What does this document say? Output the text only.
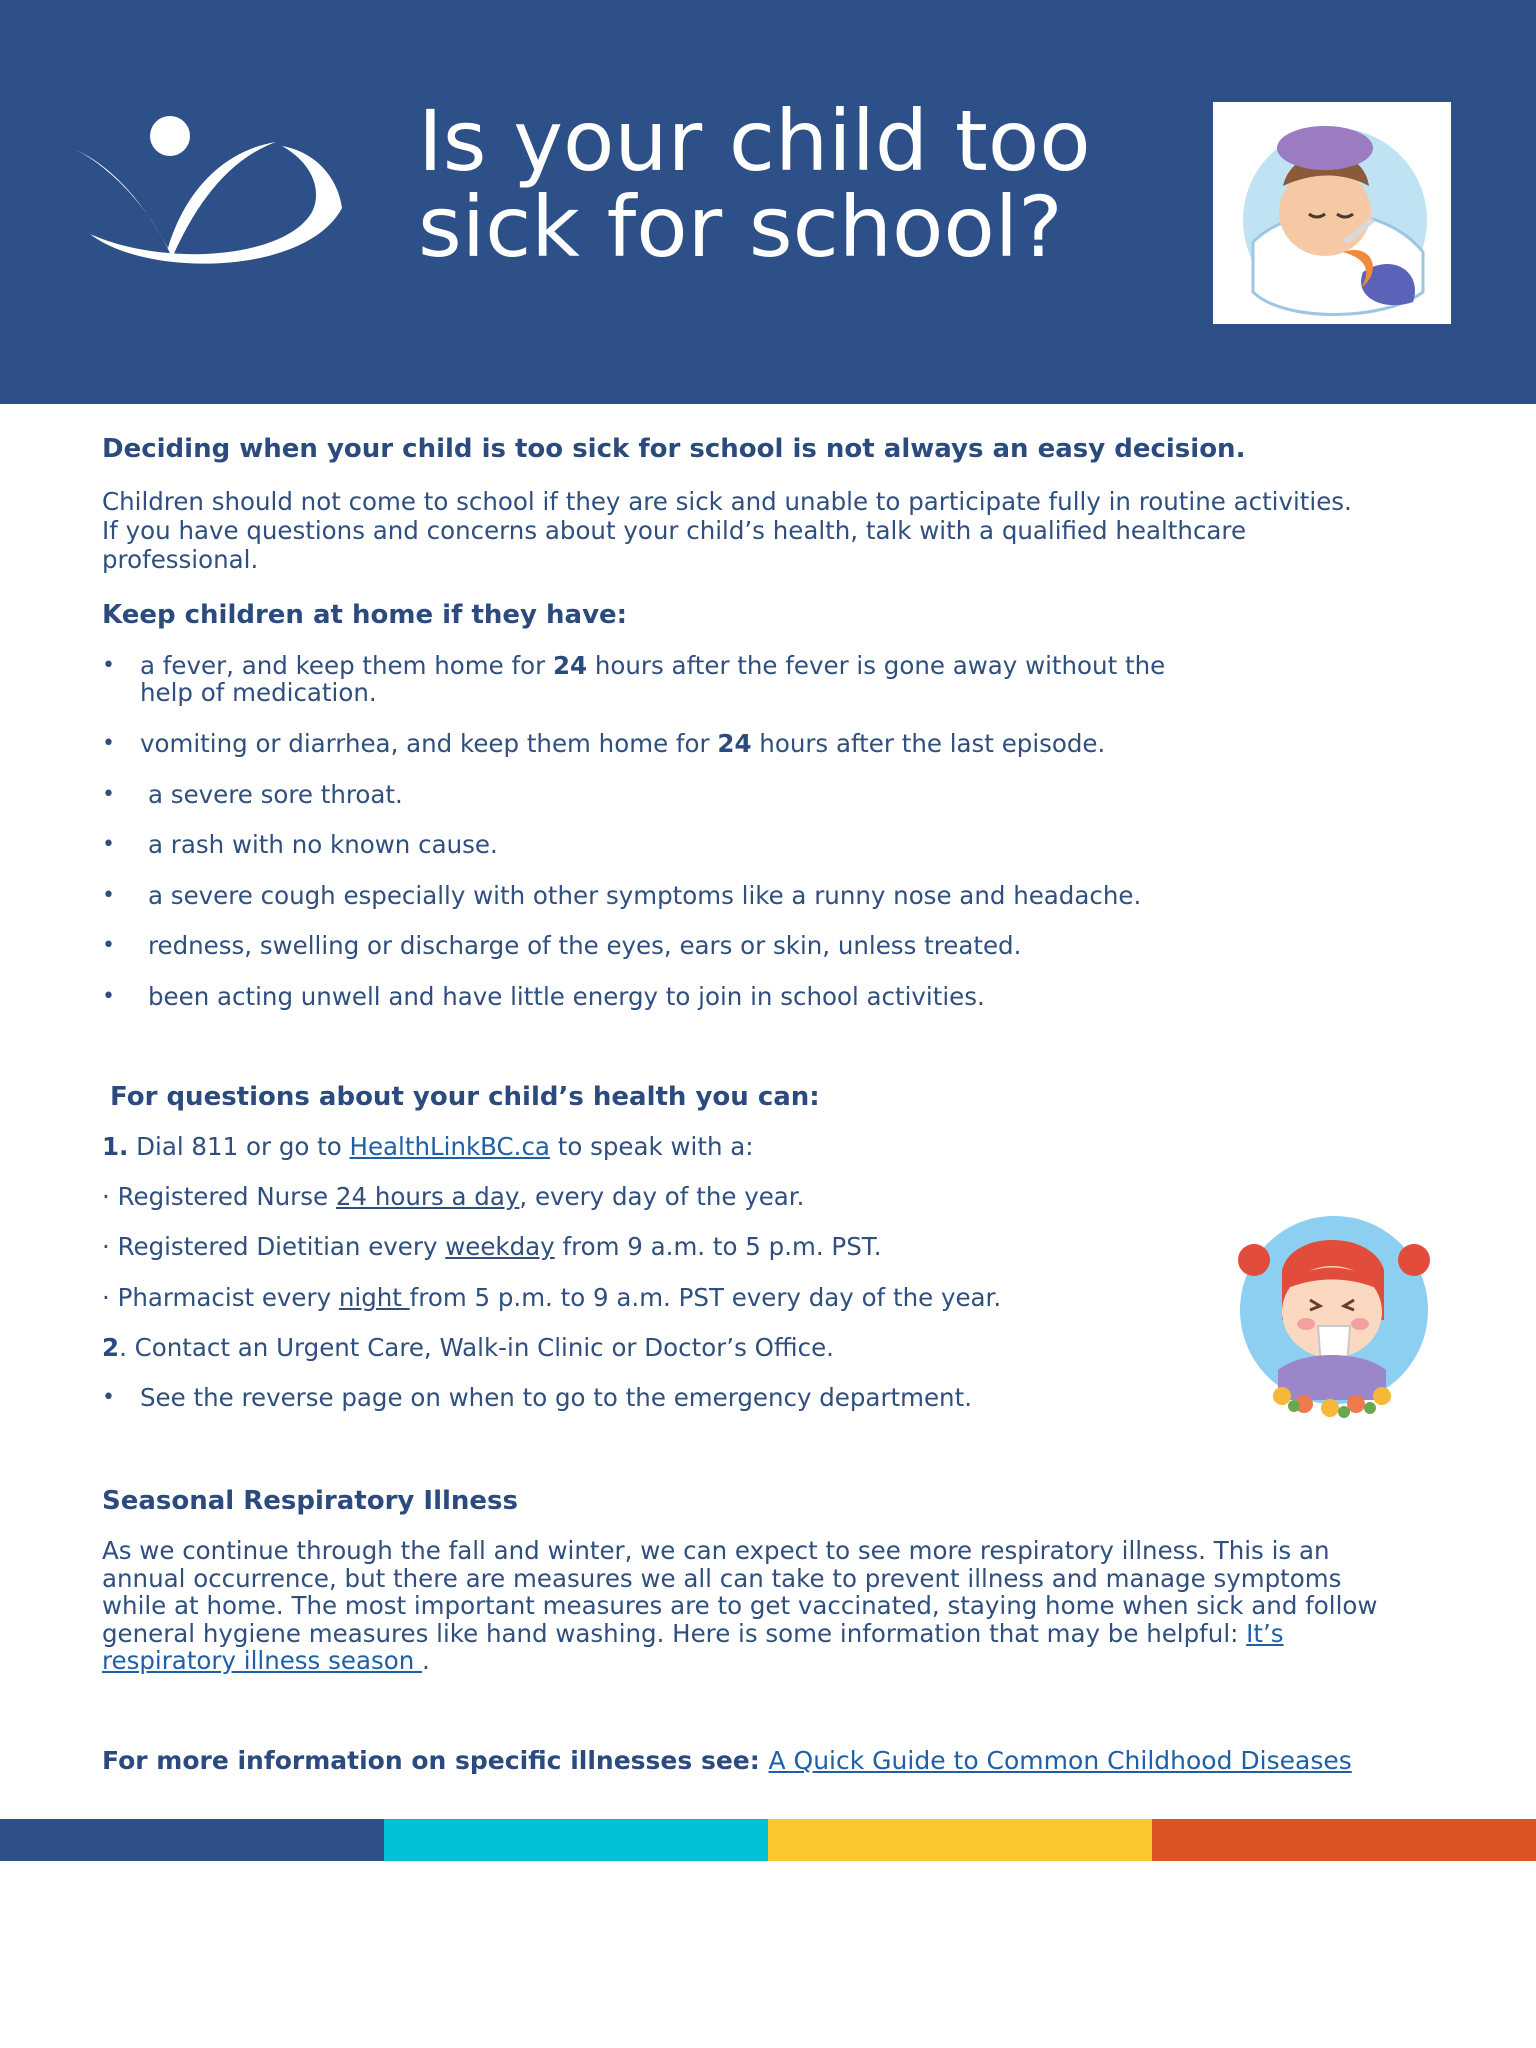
Is your child too
sick for school?
Deciding when your child is too sick for school is not always an easy decision.
Children should not come to school if they are sick and unable to participate fully in routine activities.
If you have questions and concerns about your child’s health, talk with a qualified healthcare
professional.
Keep children at home if they have:
• a fever, and keep them home for 24 hours after the fever is gone away without the
help of medication.
• vomiting or diarrhea, and keep them home for 24 hours after the last episode.
• a severe sore throat.
• a rash with no known cause.
• a severe cough especially with other symptoms like a runny nose and headache.
• redness, swelling or discharge of the eyes, ears or skin, unless treated.
• been acting unwell and have little energy to join in school activities.
For questions about your child’s health you can:
1. Dial 811 or go to HealthLinkBC.ca to speak with a:
· Registered Nurse 24 hours a day, every day of the year.
· Registered Dietitian every weekday from 9 a.m. to 5 p.m. PST.
· Pharmacist every night from 5 p.m. to 9 a.m. PST every day of the year.
2. Contact an Urgent Care, Walk-in Clinic or Doctor’s Office.
• See the reverse page on when to go to the emergency department.
Seasonal Respiratory Illness
As we continue through the fall and winter, we can expect to see more respiratory illness. This is an
annual occurrence, but there are measures we all can take to prevent illness and manage symptoms
while at home. The most important measures are to get vaccinated, staying home when sick and follow
general hygiene measures like hand washing. Here is some information that may be helpful: It’s
respiratory illness season .
For more information on specific illnesses see: A Quick Guide to Common Childhood Diseases
